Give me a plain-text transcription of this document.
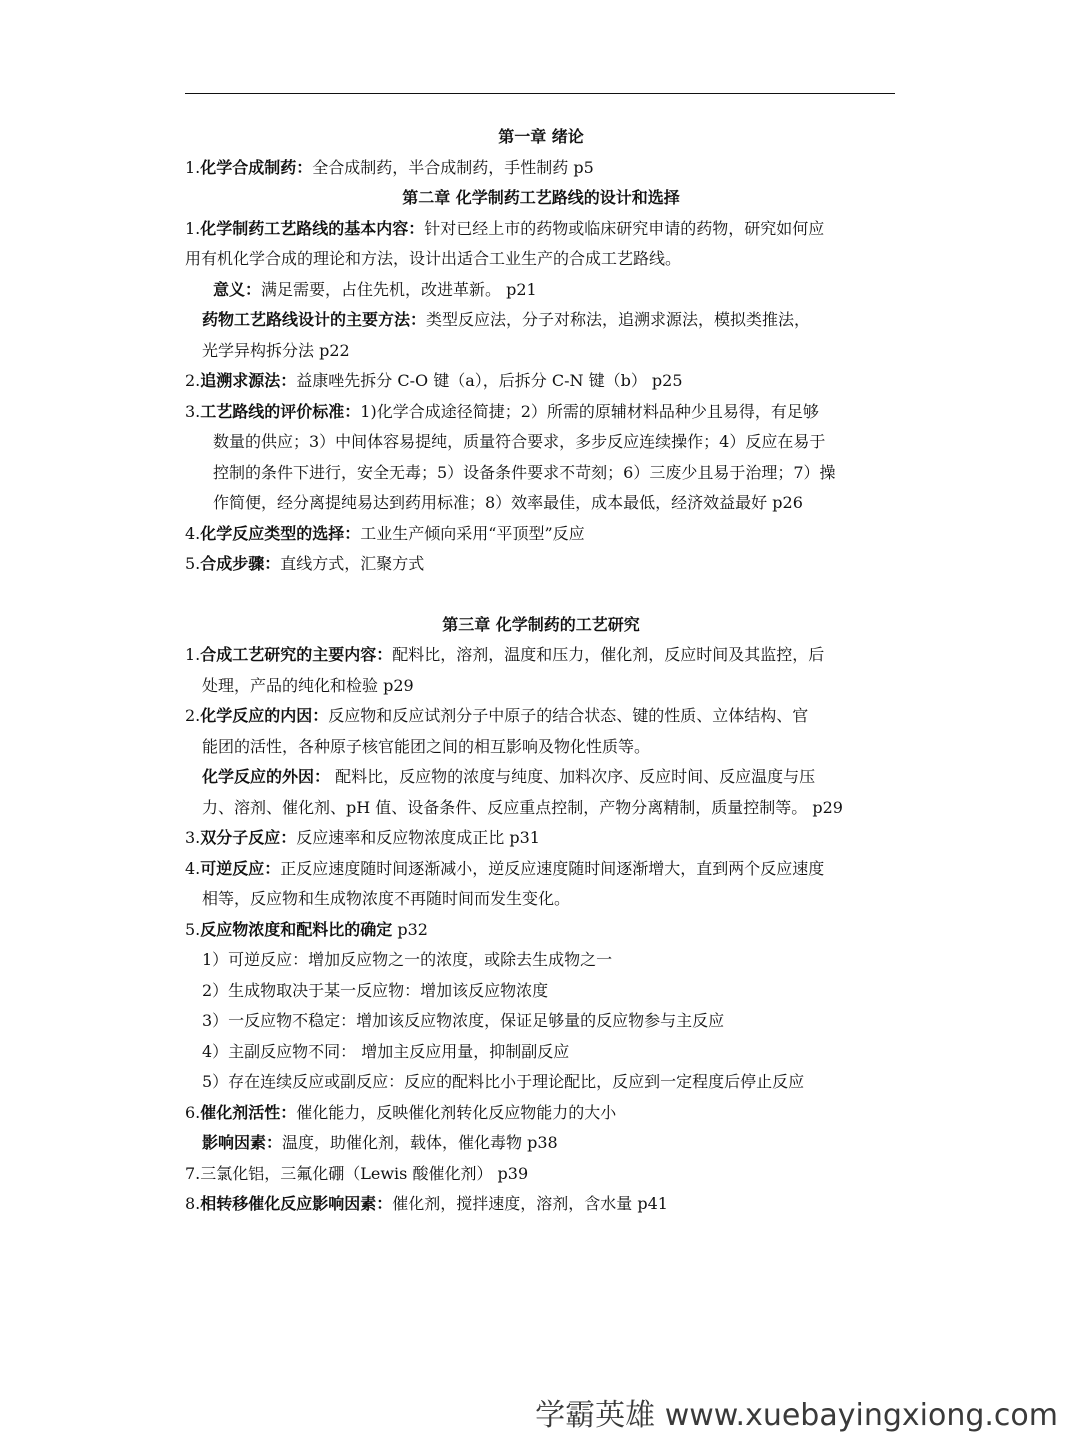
第一章 绪论
1.化学合成制药：全合成制药，半合成制药，手性制药 p5
第二章 化学制药工艺路线的设计和选择
1.化学制药工艺路线的基本内容：针对已经上市的药物或临床研究申请的药物，研究如何应
用有机化学合成的理论和方法，设计出适合工业生产的合成工艺路线。
意义：满足需要，占住先机，改进革新。 p21
药物工艺路线设计的主要方法：类型反应法，分子对称法，追溯求源法，模拟类推法，
光学异构拆分法 p22
2.追溯求源法：益康唑先拆分 C-O 键（a），后拆分 C-N 键（b） p25
3.工艺路线的评价标准：1)化学合成途径简捷；2）所需的原辅材料品种少且易得，有足够
数量的供应；3）中间体容易提纯，质量符合要求，多步反应连续操作；4）反应在易于
控制的条件下进行，安全无毒；5）设备条件要求不苛刻；6）三废少且易于治理；7）操
作简便，经分离提纯易达到药用标准；8）效率最佳，成本最低，经济效益最好 p26
4.化学反应类型的选择：工业生产倾向采用“平顶型”反应
5.合成步骤：直线方式，汇聚方式
第三章 化学制药的工艺研究
1.合成工艺研究的主要内容：配料比，溶剂，温度和压力，催化剂，反应时间及其监控，后
处理，产品的纯化和检验 p29
2.化学反应的内因：反应物和反应试剂分子中原子的结合状态、键的性质、立体结构、官
能团的活性，各种原子核官能团之间的相互影响及物化性质等。
化学反应的外因： 配料比，反应物的浓度与纯度、加料次序、反应时间、反应温度与压
力、溶剂、催化剂、pH 值、设备条件、反应重点控制，产物分离精制，质量控制等。 p29
3.双分子反应：反应速率和反应物浓度成正比 p31
4.可逆反应：正反应速度随时间逐渐减小，逆反应速度随时间逐渐增大，直到两个反应速度
相等，反应物和生成物浓度不再随时间而发生变化。
5.反应物浓度和配料比的确定 p32
1）可逆反应：增加反应物之一的浓度，或除去生成物之一
2）生成物取决于某一反应物：增加该反应物浓度
3）一反应物不稳定：增加该反应物浓度，保证足够量的反应物参与主反应
4）主副反应物不同： 增加主反应用量，抑制副反应
5）存在连续反应或副反应：反应的配料比小于理论配比，反应到一定程度后停止反应
6.催化剂活性：催化能力，反映催化剂转化反应物能力的大小
影响因素：温度，助催化剂，载体，催化毒物 p38
7.三氯化铝，三氟化硼（Lewis 酸催化剂） p39
8.相转移催化反应影响因素：催化剂，搅拌速度，溶剂，含水量 p41
学霸英雄 www.xuebayingxiong.com
